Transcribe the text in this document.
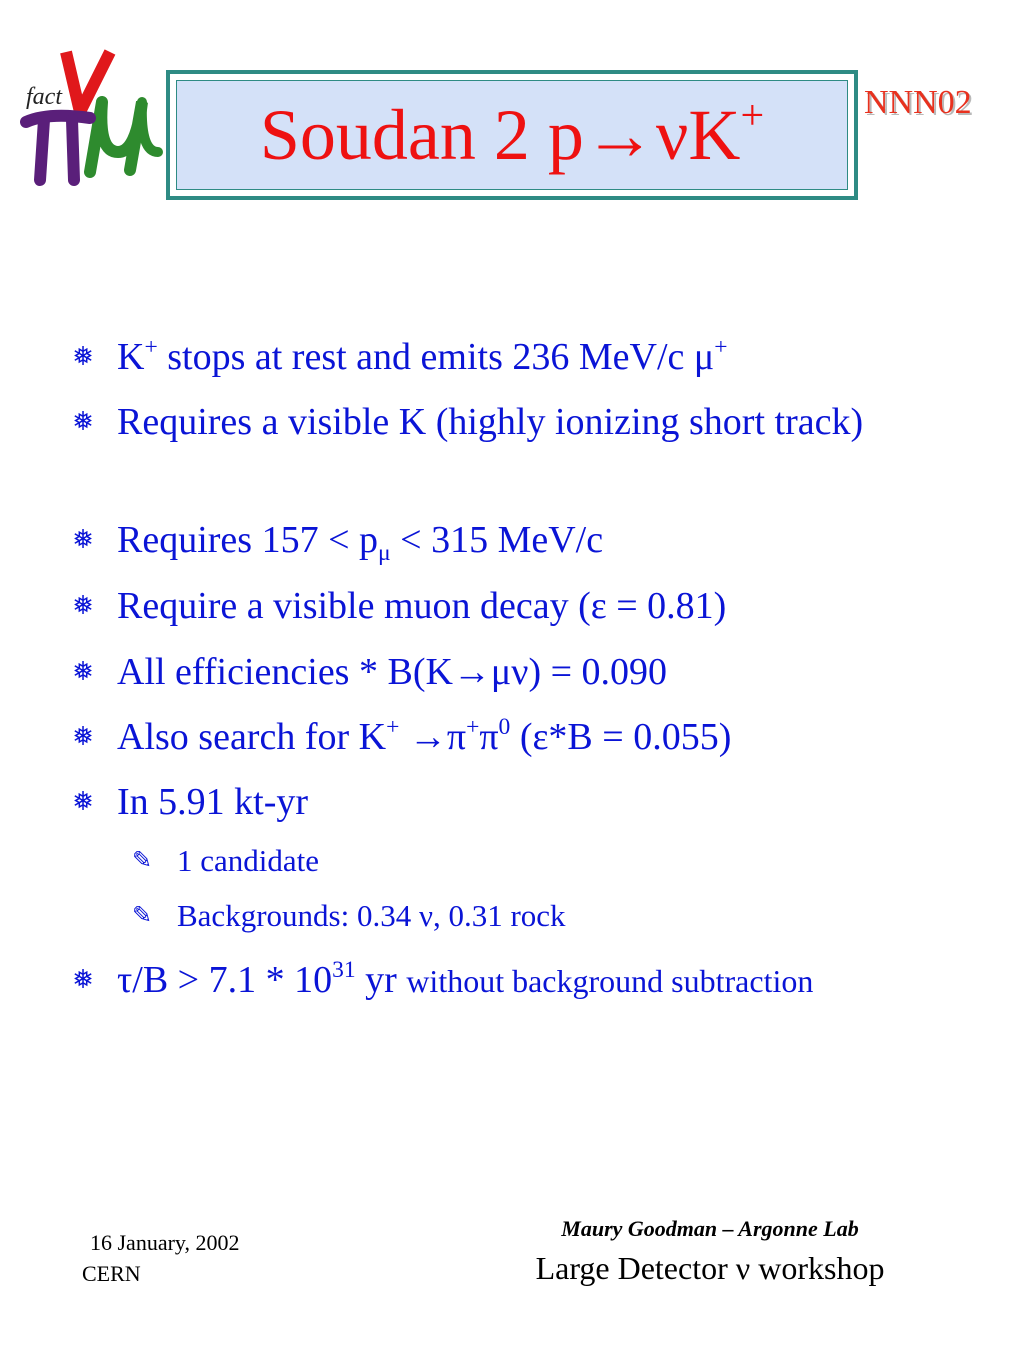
fact	Soudan 2 p→νK+	NNN02
❅ K+ stops at rest and emits 236 MeV/c μ+
❅ Requires a visible K (highly ionizing short track)
❅ Requires $157 < p_\mu < 315$ MeV/c
❅ Require a visible muon decay (ε = 0.81)
❅ All efficiencies * B(K→μν) = 0.090
❅ Also search for $K^+ \to\pi^+\pi^0$ (ε*B = 0.055)
❅ In 5.91 kt-yr
✎ 1 candidate
✎ Backgrounds: 0.34 ν, 0.31 rock
❅ $\tau/B > 7.1 * 10^{31}$ yr without background subtraction
16 January, 2002
CERN
Maury Goodman – Argonne Lab
Large Detector ν workshop
